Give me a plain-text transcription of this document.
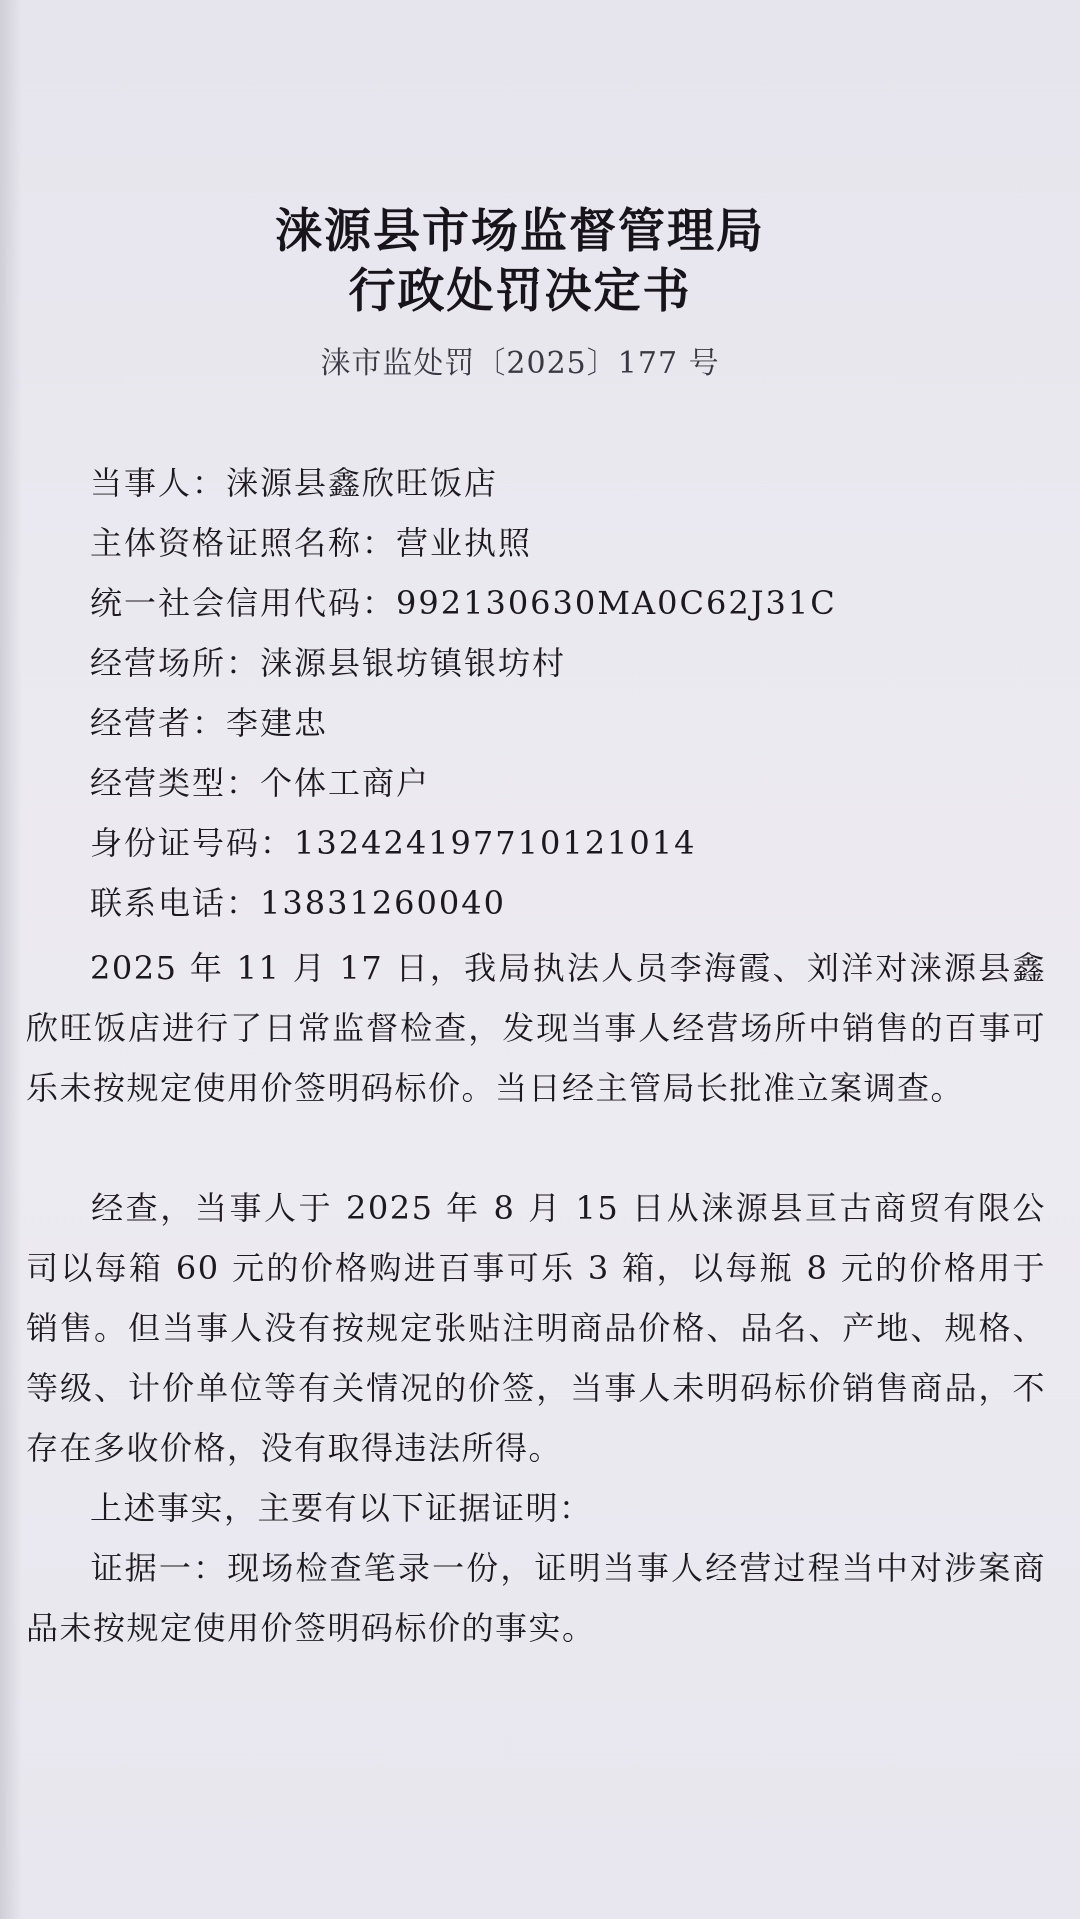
涞源县市场监督管理局
行政处罚决定书
涞市监处罚〔2025〕177 号
当事人：涞源县鑫欣旺饭店
主体资格证照名称：营业执照
统一社会信用代码：992130630MA0C62J31C
经营场所：涞源县银坊镇银坊村
经营者：李建忠
经营类型：个体工商户
身份证号码：132424197710121014
联系电话：13831260040
2025 年 11 月 17 日，我局执法人员李海霞、刘洋对涞源县鑫欣旺饭店进行了日常监督检查，发现当事人经营场所中销售的百事可乐未按规定使用价签明码标价。当日经主管局长批准立案调查。
经查，当事人于 2025 年 8 月 15 日从涞源县亘古商贸有限公司以每箱 60 元的价格购进百事可乐 3 箱，以每瓶 8 元的价格用于销售。但当事人没有按规定张贴注明商品价格、品名、产地、规格、等级、计价单位等有关情况的价签，当事人未明码标价销售商品，不存在多收价格，没有取得违法所得。
上述事实，主要有以下证据证明：
证据一：现场检查笔录一份，证明当事人经营过程当中对涉案商品未按规定使用价签明码标价的事实。
